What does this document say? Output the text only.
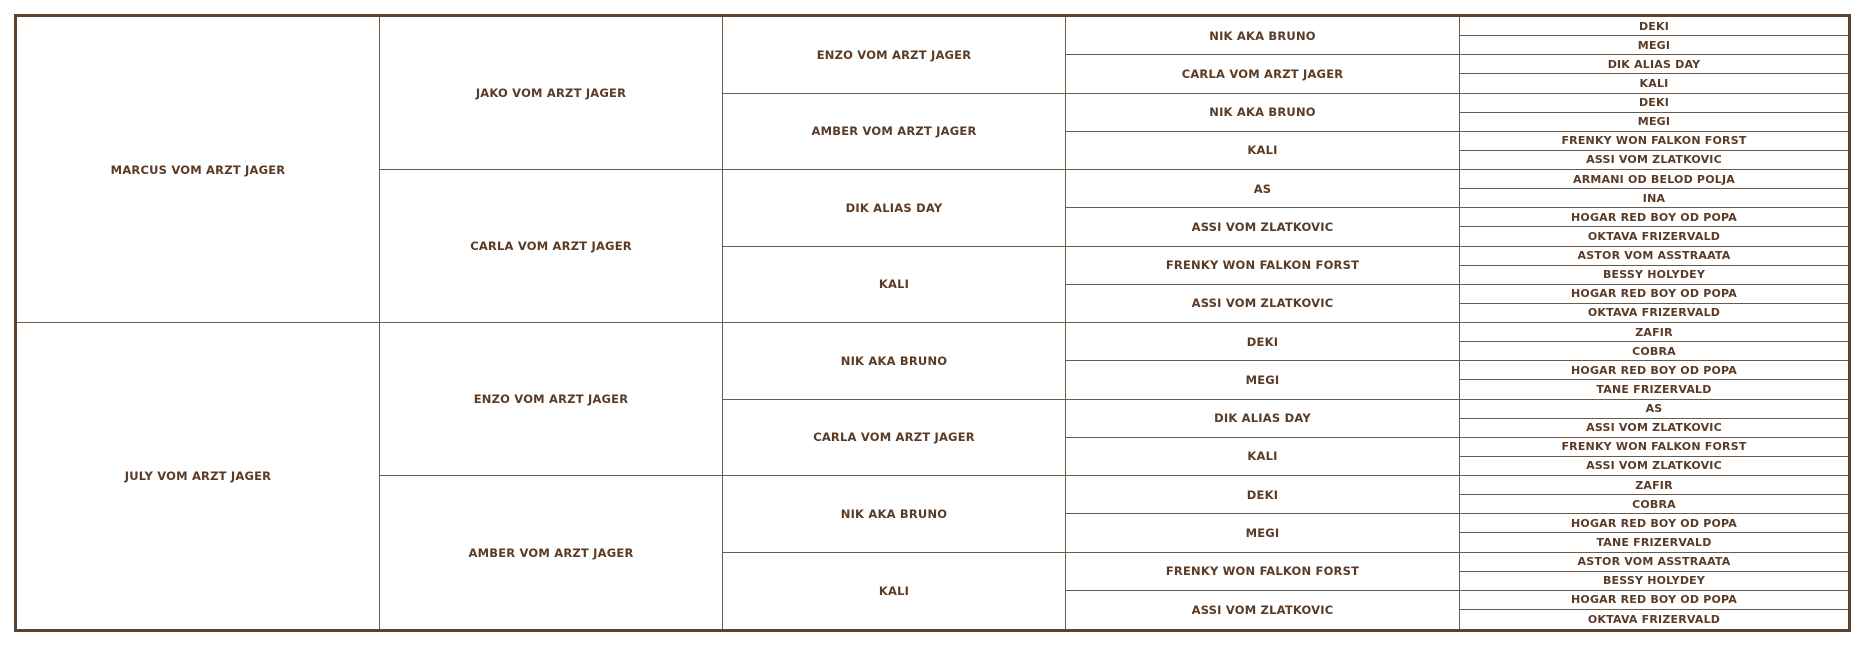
MARCUS VOM ARZT JAGER
JULY VOM ARZT JAGER
JAKO VOM ARZT JAGER
CARLA VOM ARZT JAGER
ENZO VOM ARZT JAGER
AMBER VOM ARZT JAGER
ENZO VOM ARZT JAGER
AMBER VOM ARZT JAGER
DIK ALIAS DAY
KALI
NIK AKA BRUNO
CARLA VOM ARZT JAGER
NIK AKA BRUNO
KALI
NIK AKA BRUNO
CARLA VOM ARZT JAGER
NIK AKA BRUNO
KALI
AS
ASSI VOM ZLATKOVIC
FRENKY WON FALKON FORST
ASSI VOM ZLATKOVIC
DEKI
MEGI
DIK ALIAS DAY
KALI
DEKI
MEGI
FRENKY WON FALKON FORST
ASSI VOM ZLATKOVIC
DEKI
MEGI
DIK ALIAS DAY
KALI
DEKI
MEGI
FRENKY WON FALKON FORST
ASSI VOM ZLATKOVIC
ARMANI OD BELOD POLJA
INA
HOGAR RED BOY OD POPA
OKTAVA FRIZERVALD
ASTOR VOM ASSTRAATA
BESSY HOLYDEY
HOGAR RED BOY OD POPA
OKTAVA FRIZERVALD
ZAFIR
COBRA
HOGAR RED BOY OD POPA
TANE FRIZERVALD
AS
ASSI VOM ZLATKOVIC
FRENKY WON FALKON FORST
ASSI VOM ZLATKOVIC
ZAFIR
COBRA
HOGAR RED BOY OD POPA
TANE FRIZERVALD
ASTOR VOM ASSTRAATA
BESSY HOLYDEY
HOGAR RED BOY OD POPA
OKTAVA FRIZERVALD
